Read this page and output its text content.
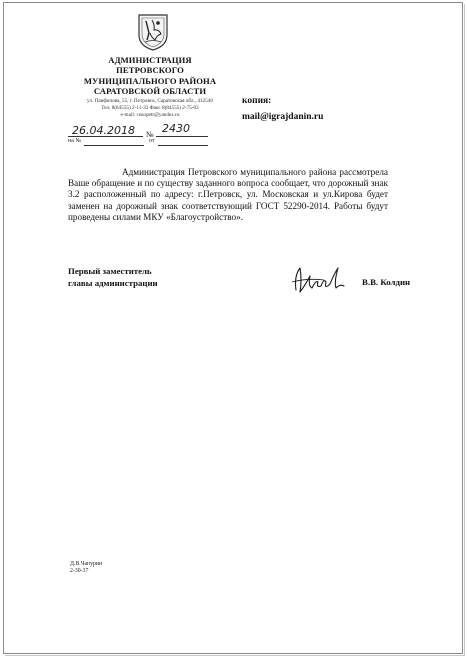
АДМИНИСТРАЦИЯ
ПЕТРОВСКОГО
МУНИЦИПАЛЬНОГО РАЙОНА
САРАТОВСКОЙ ОБЛАСТИ
ул. Панфилова, 55, г. Петровск, Саратовская обл., 412540
Тел. 8(84555) 2-11-33 Факс 8(84555) 2-75-02
e-mail: cnsopetr@yandex.ru
26.04.2018 № 2430
на №	от
копия:
mail@igrajdanin.ru
Администрация Петровского муниципального района рассмотрела Ваше обращение и по существу заданного вопроса сообщает, что дорожный знак 3.2 расположенный по адресу: г.Петровск, ул. Московская и ул.Кирова будет заменен на дорожный знак соответствующий ГОСТ 52290-2014. Работы будут проведены силами МКУ «Благоустройство».
Первый заместитель
главы администрации	В.В. Колдин
Д.В.Чапурин
2-30-37
